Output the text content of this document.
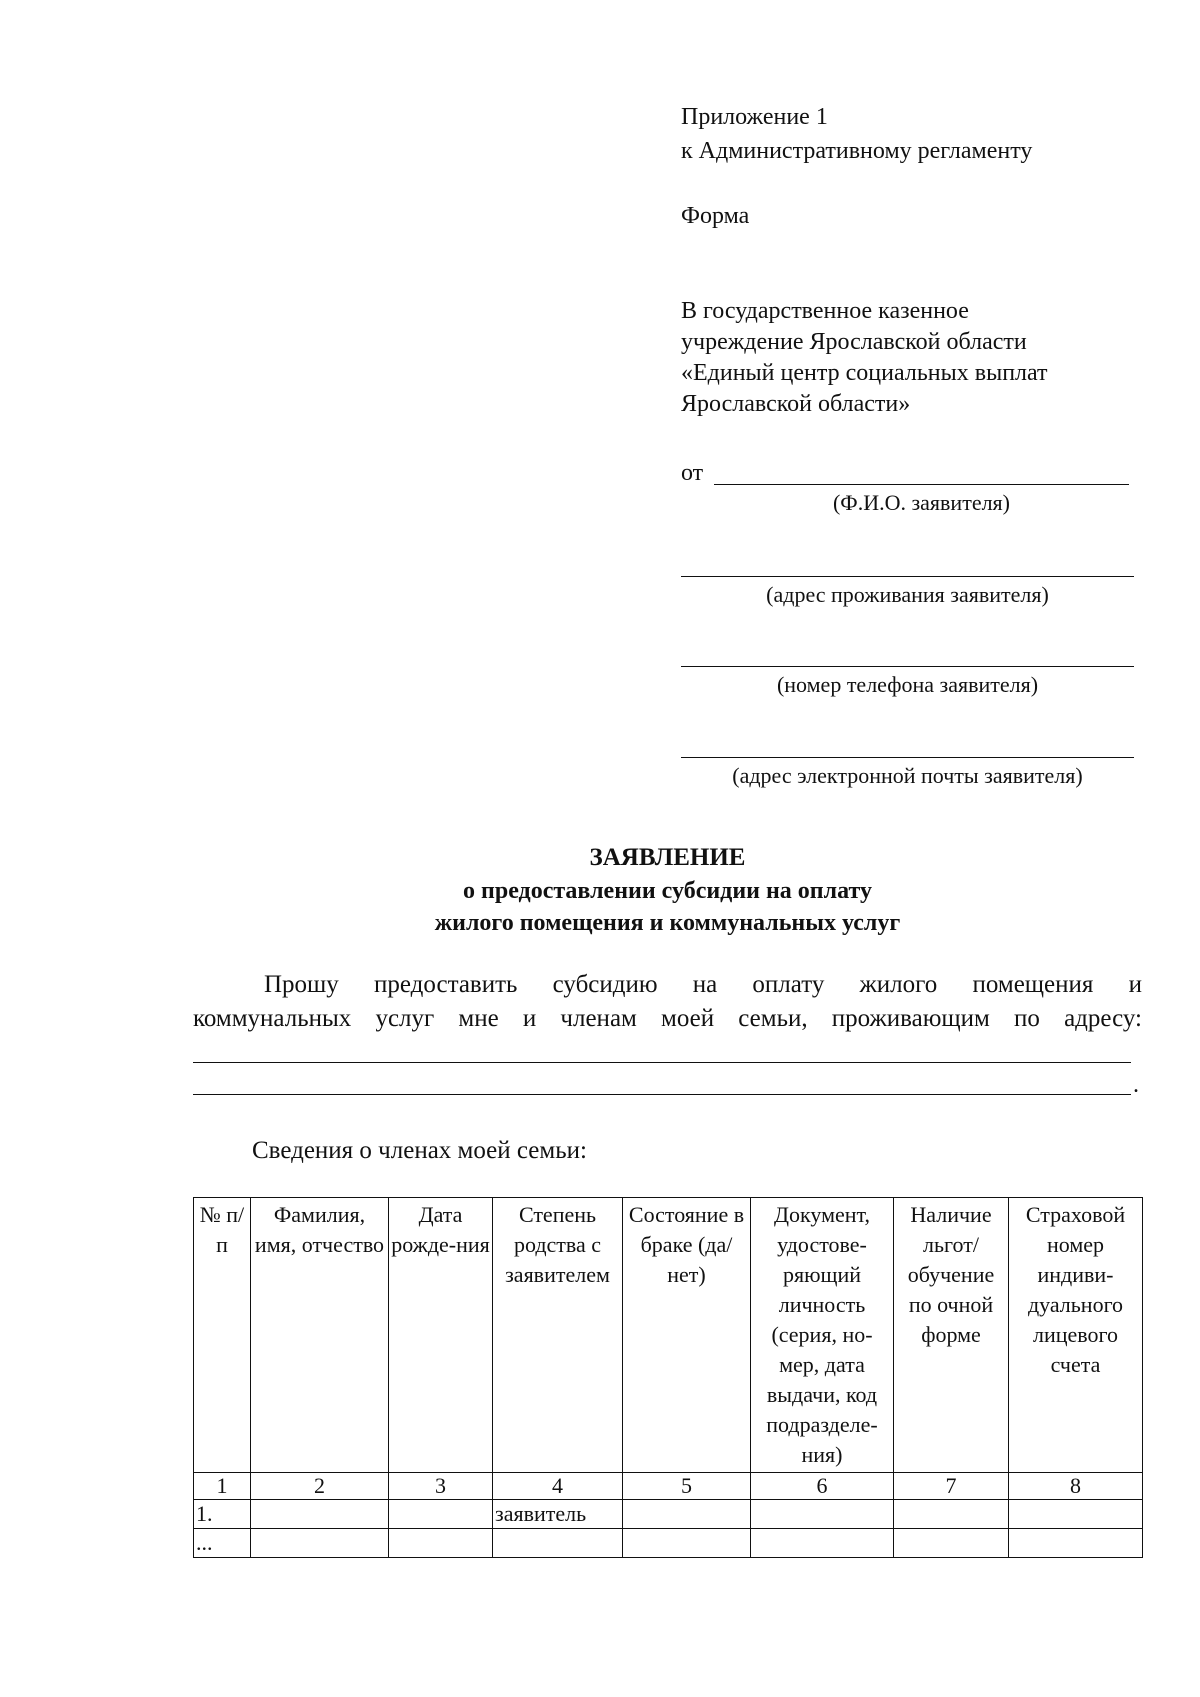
Приложение 1
к Административному регламенту
Форма
В государственное казенное
учреждение Ярославской области
«Единый центр социальных выплат
Ярославской области»
от
(Ф.И.О. заявителя)
(адрес проживания заявителя)
(номер телефона заявителя)
(адрес электронной почты заявителя)
ЗАЯВЛЕНИЕ
о предоставлении субсидии на оплату
жилого помещения и коммунальных услуг
Прошу предоставить субсидию на оплату жилого помещения и
коммунальных услуг мне и членам моей семьи, проживающим по адресу:
.
Сведения о членах моей семьи:
№ п/п	Фамилия, имя, отчество	Дата рожде-ния	Степень родства с заявителем	Состояние в браке (да/нет)	Документ, удостове-ряющий личность (серия, но-мер, дата выдачи, код подразделе-ния)	Наличие льгот/ обучение по очной форме	Страховой номер индиви-дуального лицевого счета
1	2	3	4	5	6	7	8
1.			заявитель				
...							
